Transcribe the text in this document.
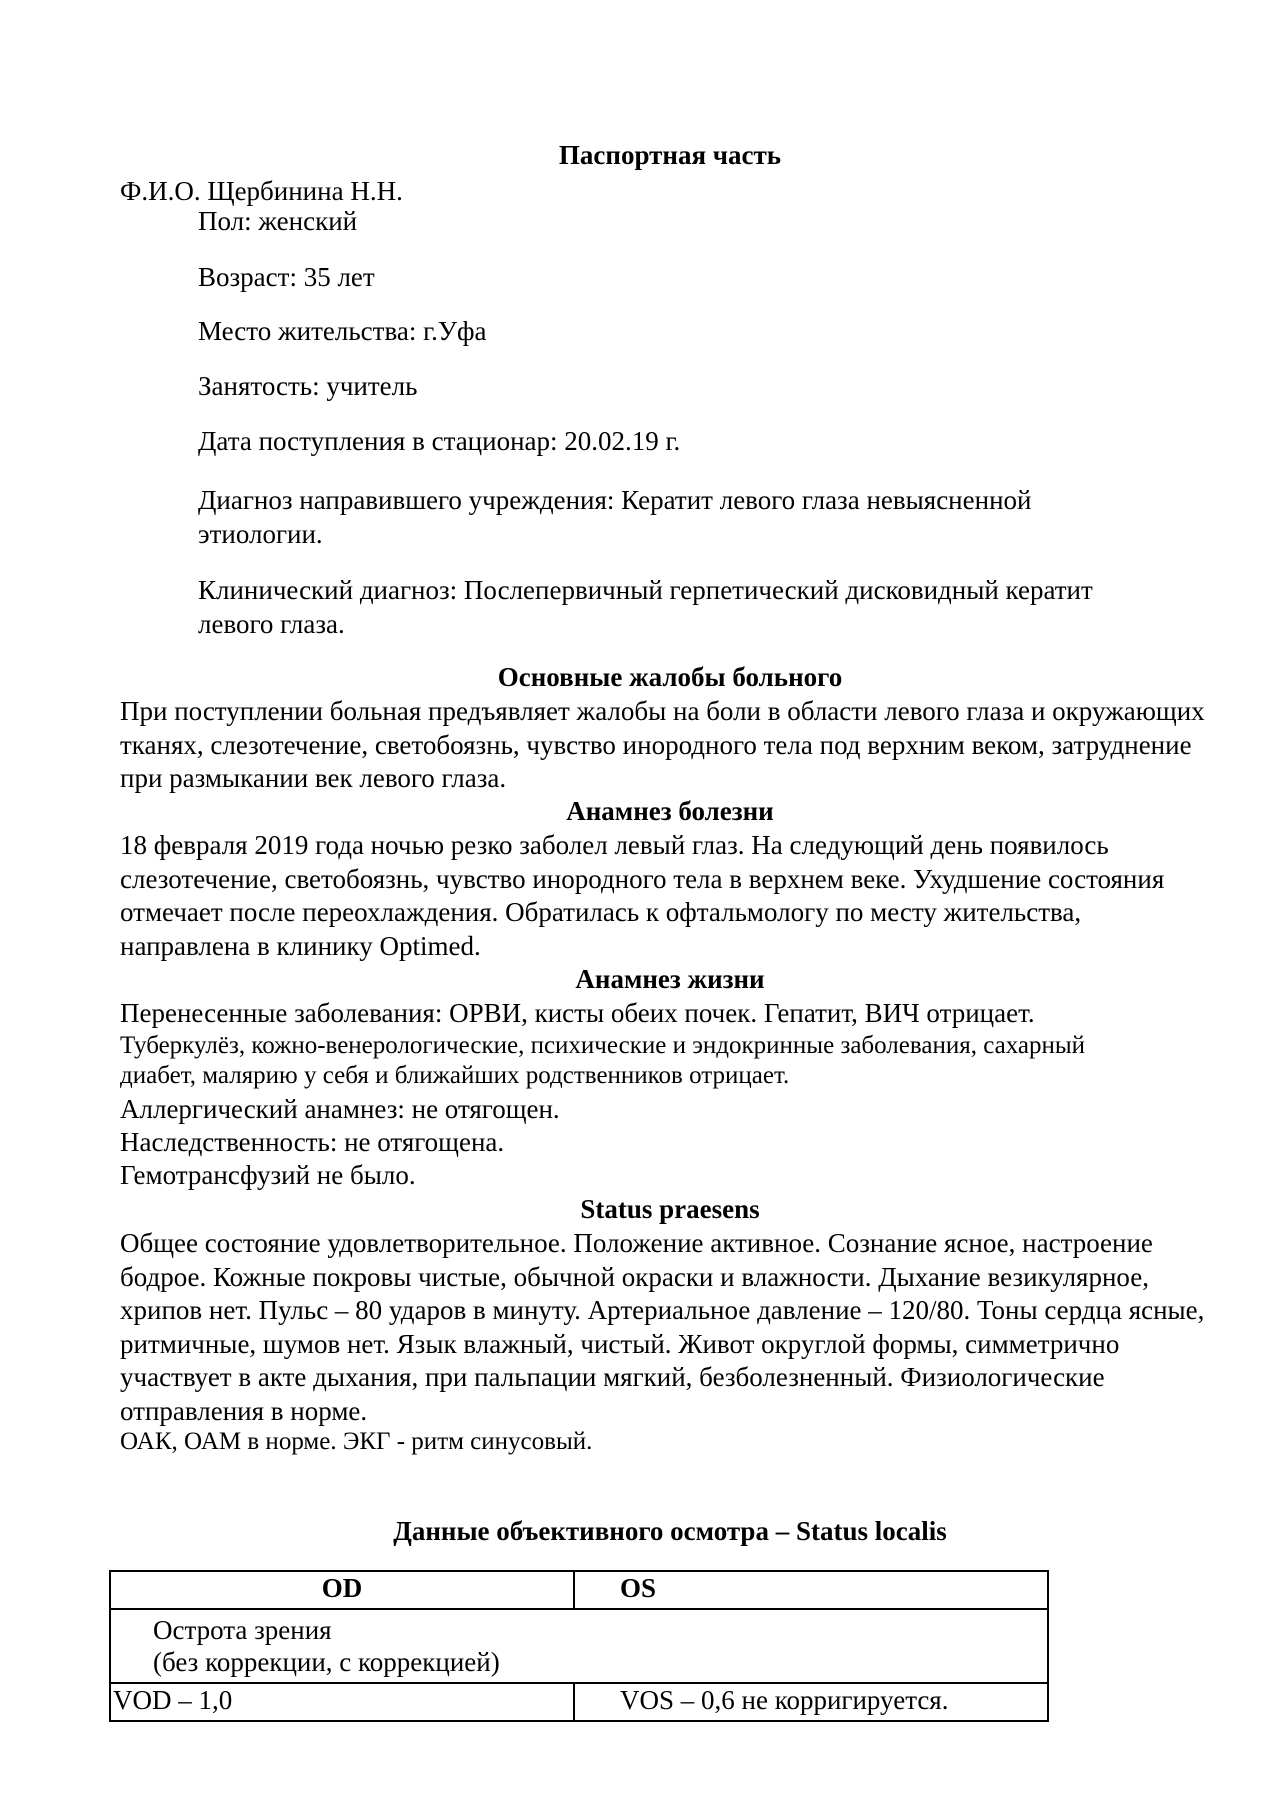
Паспортная часть
Ф.И.О. Щербинина Н.Н.
Пол: женский
Возраст: 35 лет
Место жительства: г.Уфа
Занятость: учитель
Дата поступления в стационар: 20.02.19 г.
Диагноз направившего учреждения: Кератит левого глаза невыясненной
этиологии.
Клинический диагноз: Послепервичный герпетический дисковидный кератит
левого глаза.
Основные жалобы больного
При поступлении больная предъявляет жалобы на боли в области левого глаза и окружающих тканях, слезотечение, светобоязнь, чувство инородного тела под верхним веком, затруднение при размыкании век левого глаза.
Анамнез болезни
18 февраля 2019 года ночью резко заболел левый глаз. На следующий день появилось слезотечение, светобоязнь, чувство инородного тела в верхнем веке. Ухудшение состояния отмечает после переохлаждения. Обратилась к офтальмологу по месту жительства, направлена в клинику Optimed.
Анамнез жизни
Перенесенные заболевания: ОРВИ, кисты обеих почек. Гепатит, ВИЧ отрицает.
Туберкулёз, кожно-венерологические, психические и эндокринные заболевания, сахарный
диабет, малярию у себя и ближайших родственников отрицает.
Аллергический анамнез: не отягощен.
Наследственность: не отягощена.
Гемотрансфузий не было.
Status praesens
Общее состояние удовлетворительное. Положение активное. Сознание ясное, настроение бодрое. Кожные покровы чистые, обычной окраски и влажности. Дыхание везикулярное, хрипов нет. Пульс – 80 ударов в минуту. Артериальное давление – 120/80. Тоны сердца ясные, ритмичные, шумов нет. Язык влажный, чистый. Живот округлой формы, симметрично участвует в акте дыхания, при пальпации мягкий, безболезненный. Физиологические отправления в норме.
ОАК, ОАМ в норме. ЭКГ - ритм синусовый.
Данные объективного осмотра – Status localis
OD	OS

Острота зрения
(без коррекции, с коррекцией)	

VOD – 1,0	VOS – 0,6 не корригируется.
